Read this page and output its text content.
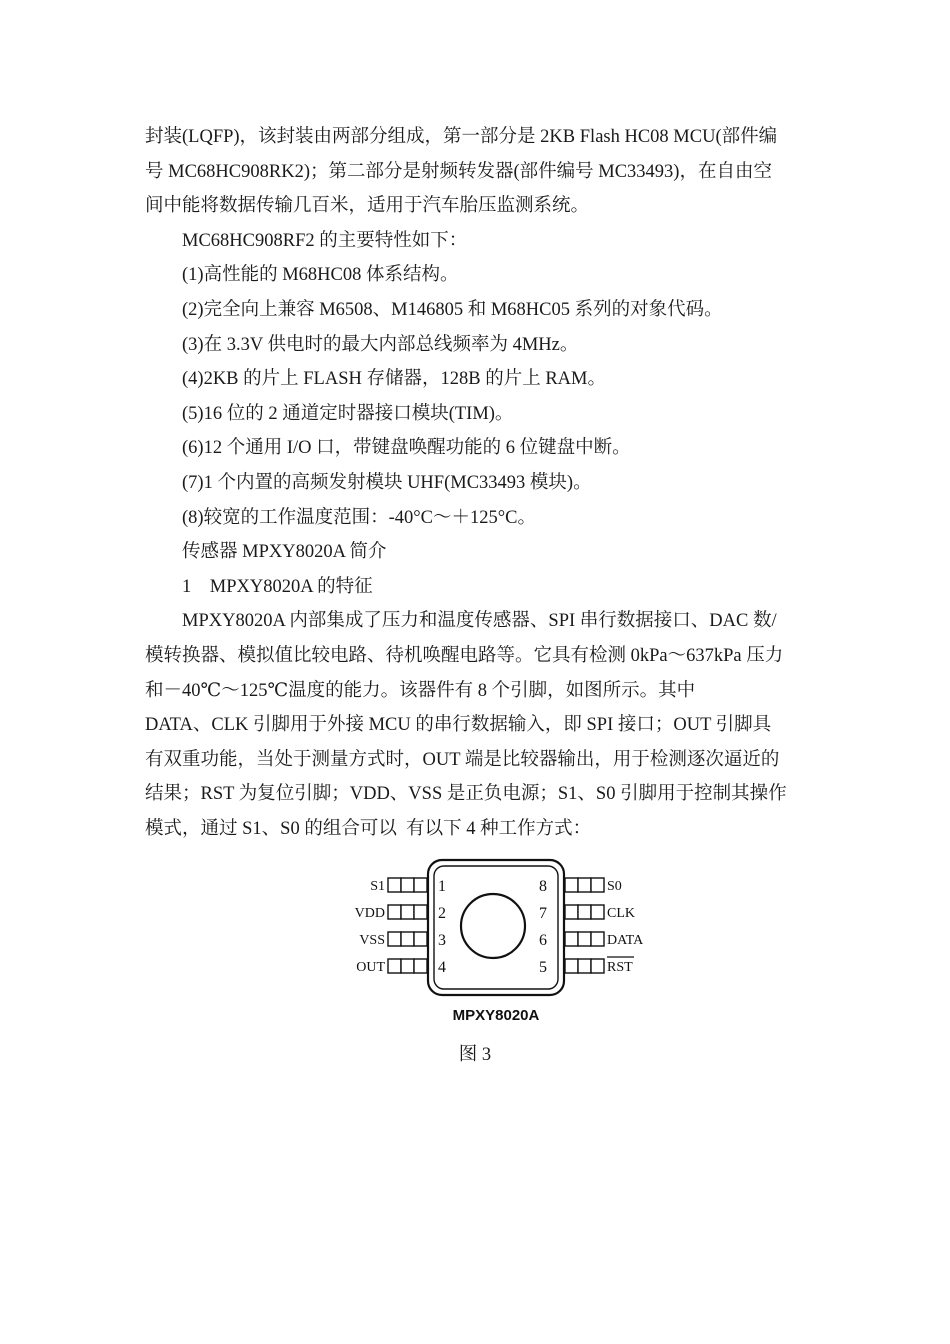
封装(LQFP)，该封装由两部分组成，第一部分是 2KB Flash HC08 MCU(部件编

号 MC68HC908RK2)；第二部分是射频转发器(部件编号 MC33493)，在自由空

间中能将数据传输几百米，适用于汽车胎压监测系统。

MC68HC908RF2 的主要特性如下：

(1)高性能的 M68HC08 体系结构。

(2)完全向上兼容 M6508、M146805 和 M68HC05 系列的对象代码。

(3)在 3.3V 供电时的最大内部总线频率为 4MHz。

(4)2KB 的片上 FLASH 存储器，128B 的片上 RAM。

(5)16 位的 2 通道定时器接口模块(TIM)。

(6)12 个通用 I/O 口，带键盘唤醒功能的 6 位键盘中断。

(7)1 个内置的高频发射模块 UHF(MC33493 模块)。

(8)较宽的工作温度范围：-40°C～＋125°C。

传感器 MPXY8020A 简介

1    MPXY8020A 的特征

MPXY8020A 内部集成了压力和温度传感器、SPI 串行数据接口、DAC 数/

模转换器、模拟值比较电路、待机唤醒电路等。它具有检测 0kPa～637kPa 压力

和－40℃～125℃温度的能力。该器件有 8 个引脚，如图所示。其中

DATA、CLK 引脚用于外接 MCU 的串行数据输入，即 SPI 接口；OUT 引脚具

有双重功能，当处于测量方式时，OUT 端是比较器输出，用于检测逐次逼近的

结果；RST 为复位引脚；VDD、VSS 是正负电源；S1、S0 引脚用于控制其操作

模式，通过 S1、S0 的组合可以  有以下 4 种工作方式：

1
2
3
4
8
7
6
5
S1
VDD
VSS
OUT
S0
CLK
DATA
RST
MPXY8020A
图 3
